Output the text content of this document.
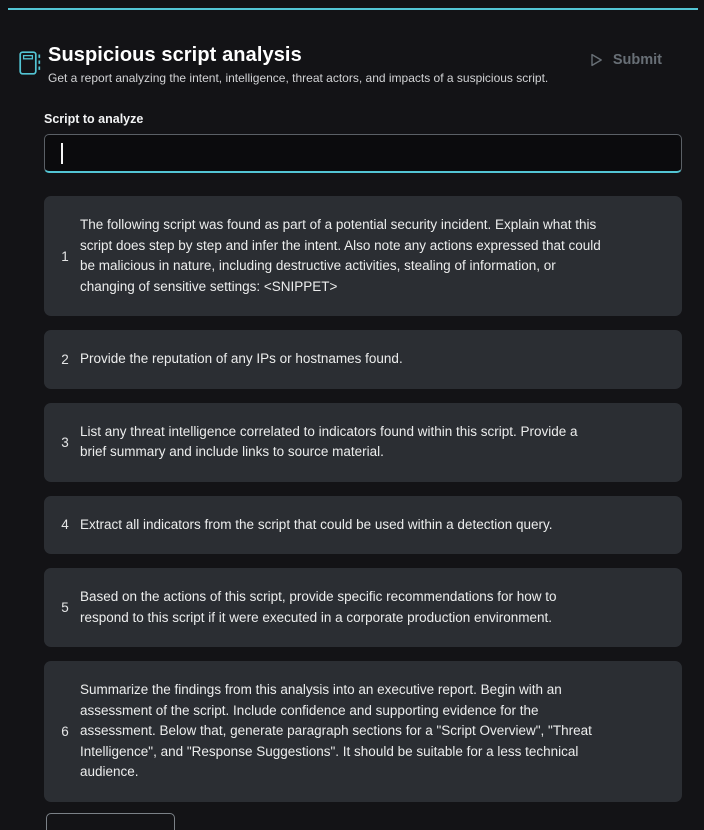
Suspicious script analysis

Get a report analyzing the intent, intelligence, threat actors, and impacts of a suspicious script.

Submit
Script to analyze
1
The following script was found as part of a potential security incident. Explain what this script does step by step and infer the intent. Also note any actions expressed that could be malicious in nature, including destructive activities, stealing of information, or changing of sensitive settings: <SNIPPET>
2 Provide the reputation of any IPs or hostnames found.
3
List any threat intelligence correlated to indicators found within this script. Provide a brief summary and include links to source material.
4 Extract all indicators from the script that could be used within a detection query.
5
Based on the actions of this script, provide specific recommendations for how to respond to this script if it were executed in a corporate production environment.
6
Summarize the findings from this analysis into an executive report. Begin with an assessment of the script. Include confidence and supporting evidence for the assessment. Below that, generate paragraph sections for a "Script Overview", "Threat Intelligence", and "Response Suggestions". It should be suitable for a less technical audience.
